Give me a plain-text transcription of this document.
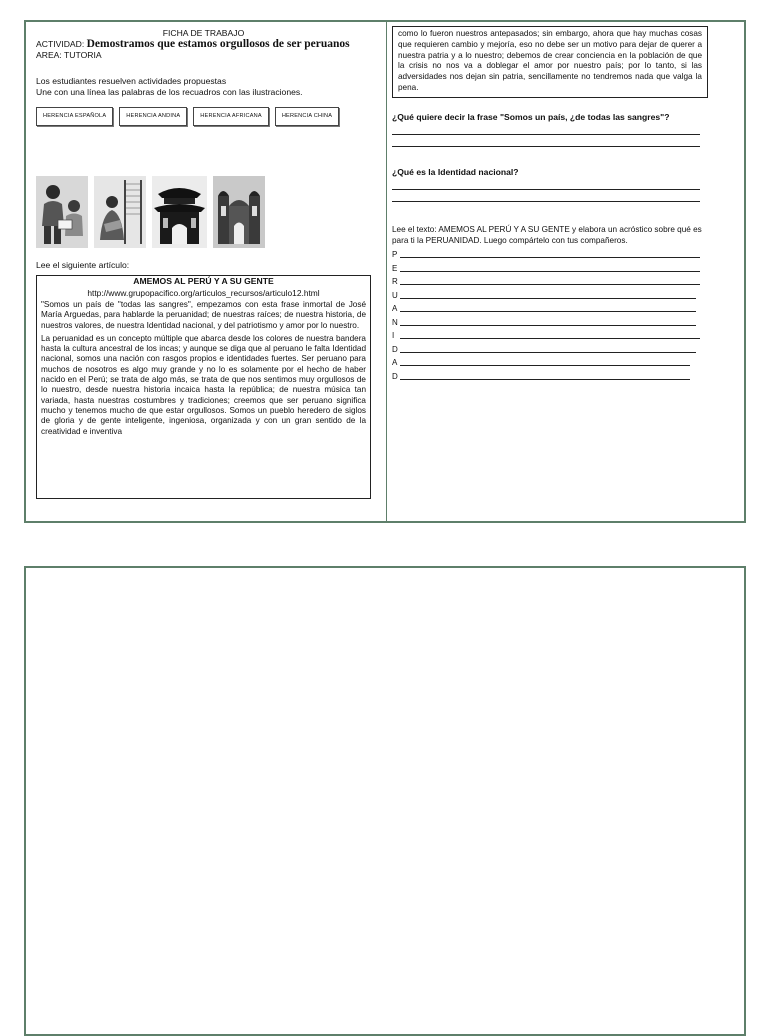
FICHA DE TRABAJO
ACTIVIDAD: Demostramos que estamos orgullosos de ser peruanos
AREA: TUTORIA
Los estudiantes resuelven actividades propuestas
Une con una línea las palabras de los recuadros con las ilustraciones.
HERENCIA ESPAÑOLA	HERENCIA ANDINA	HERENCIA AFRICANA	HERENCIA CHINA
Lee el siguiente artículo:
AMEMOS AL PERÚ Y A SU GENTE
http://www.grupopacifico.org/articulos_recursos/articulo12.html

"Somos un país de "todas las sangres", empezamos con esta frase inmortal de José María Arguedas, para hablarde la peruanidad; de nuestras raíces; de nuestra historia, de nuestros valores, de nuestra Identidad nacional, y del patriotismo y amor por lo nuestro.

La peruanidad es un concepto múltiple que abarca desde los colores de nuestra bandera hasta la cultura ancestral de los incas; y aunque se diga que al peruano le falta Identidad nacional, somos una nación con rasgos propios e identidades fuertes. Ser peruano para muchos de nosotros es algo muy grande y no lo es solamente por el hecho de haber nacido en el Perú; se trata de algo más, se trata de que nos sentimos muy orgullosos de lo nuestro, desde nuestra historia incaica hasta la república; de nuestra música tan variada, hasta nuestras costumbres y tradiciones; creemos que ser peruano significa mucho y tenemos mucho de que estar orgullosos. Somos un pueblo heredero de siglos de gloria y de gente inteligente, ingeniosa, organizada y con un gran sentido de la creatividad e inventiva

como lo fueron nuestros antepasados; sin embargo, ahora que hay muchas cosas que requieren cambio y mejoría, eso no debe ser un motivo para dejar de querer a nuestra patria y a lo nuestro; debemos de crear conciencia en la población de que la crisis no nos va a doblegar el amor por nuestro país; por lo tanto, si las adversidades nos dejan sin patria, sencillamente no tendremos nada que valga la pena.
¿Qué quiere decir la frase "Somos un país, ¿de todas las sangres"?
¿Qué es la Identidad nacional?
Lee el texto: AMEMOS AL PERÚ Y A SU GENTE y elabora un acróstico sobre qué es para ti la PERUANIDAD. Luego compártelo con tus compañeros.
P
E
R
U
A
N
I
D
A
D
